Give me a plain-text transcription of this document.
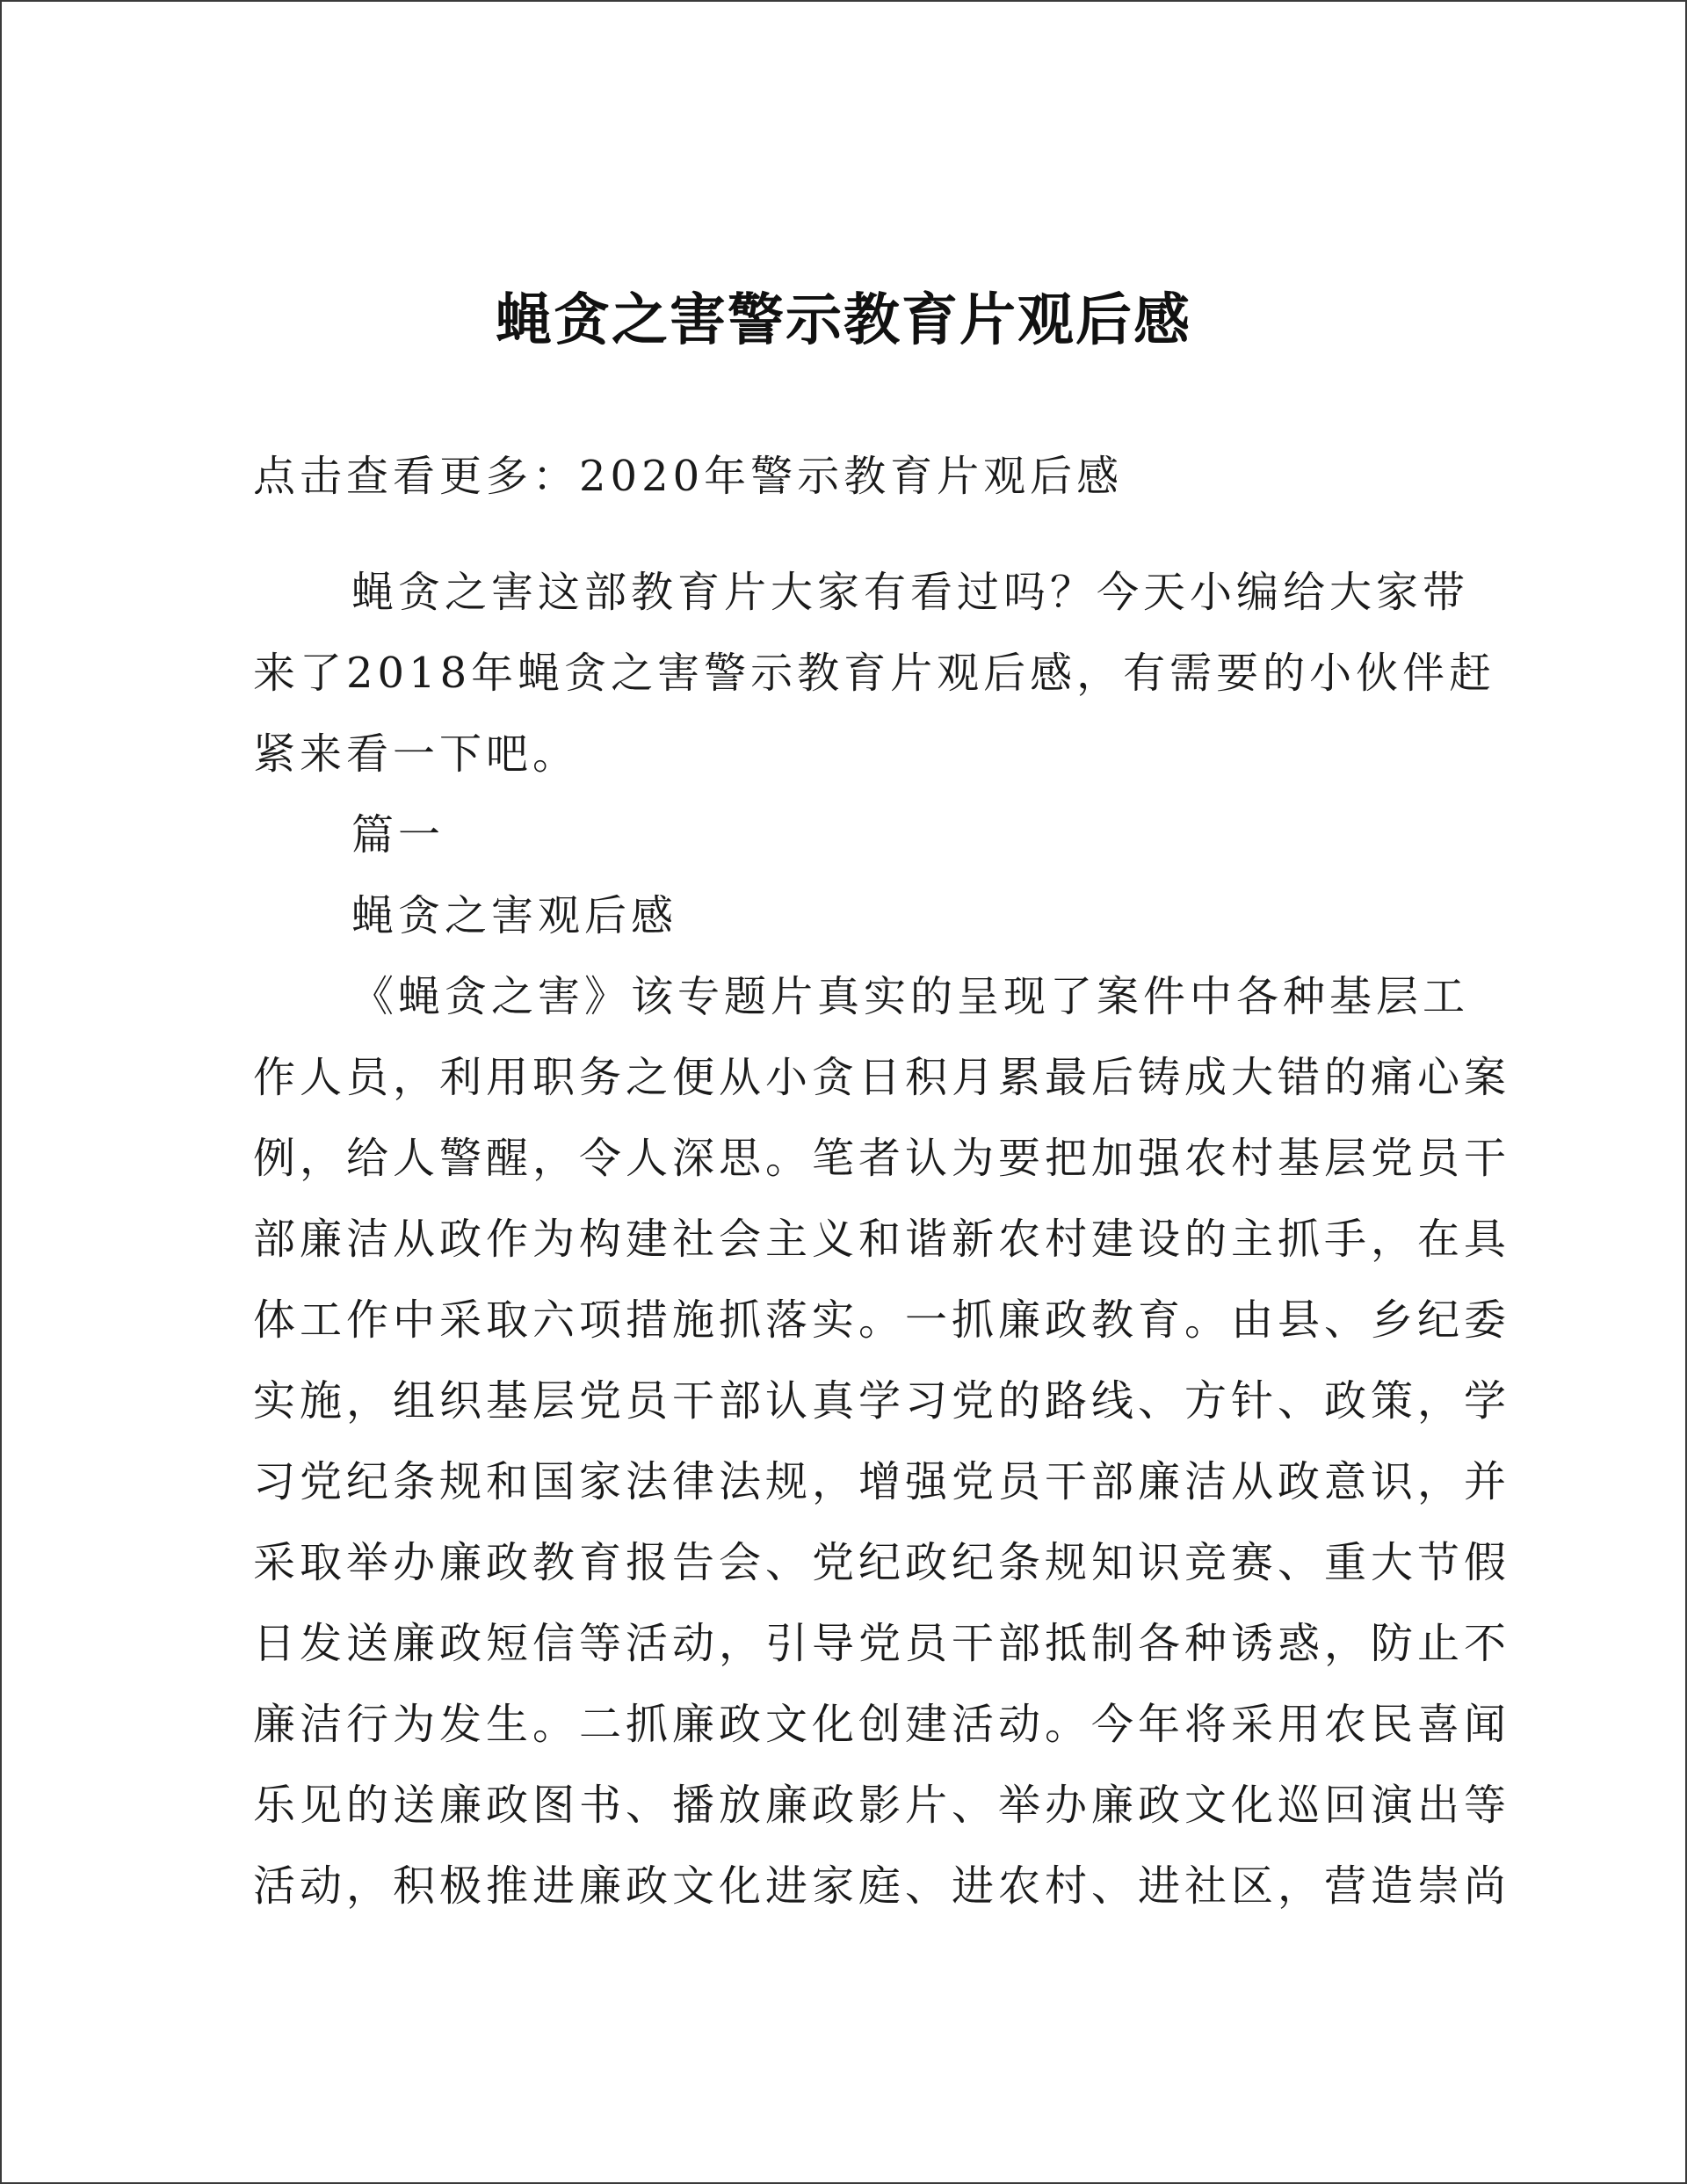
蝇贪之害警示教育片观后感

点击查看更多：2020年警示教育片观后感

蝇贪之害这部教育片大家有看过吗？今天小编给大家带

来了2018年蝇贪之害警示教育片观后感，有需要的小伙伴赶

紧来看一下吧。

篇一

蝇贪之害观后感

《蝇贪之害》该专题片真实的呈现了案件中各种基层工

作人员，利用职务之便从小贪日积月累最后铸成大错的痛心案

例，给人警醒，令人深思。笔者认为要把加强农村基层党员干

部廉洁从政作为构建社会主义和谐新农村建设的主抓手，在具

体工作中采取六项措施抓落实。一抓廉政教育。由县、乡纪委

实施，组织基层党员干部认真学习党的路线、方针、政策，学

习党纪条规和国家法律法规，增强党员干部廉洁从政意识，并

采取举办廉政教育报告会、党纪政纪条规知识竞赛、重大节假

日发送廉政短信等活动，引导党员干部抵制各种诱惑，防止不

廉洁行为发生。二抓廉政文化创建活动。今年将采用农民喜闻

乐见的送廉政图书、播放廉政影片、举办廉政文化巡回演出等

活动，积极推进廉政文化进家庭、进农村、进社区，营造崇尚
